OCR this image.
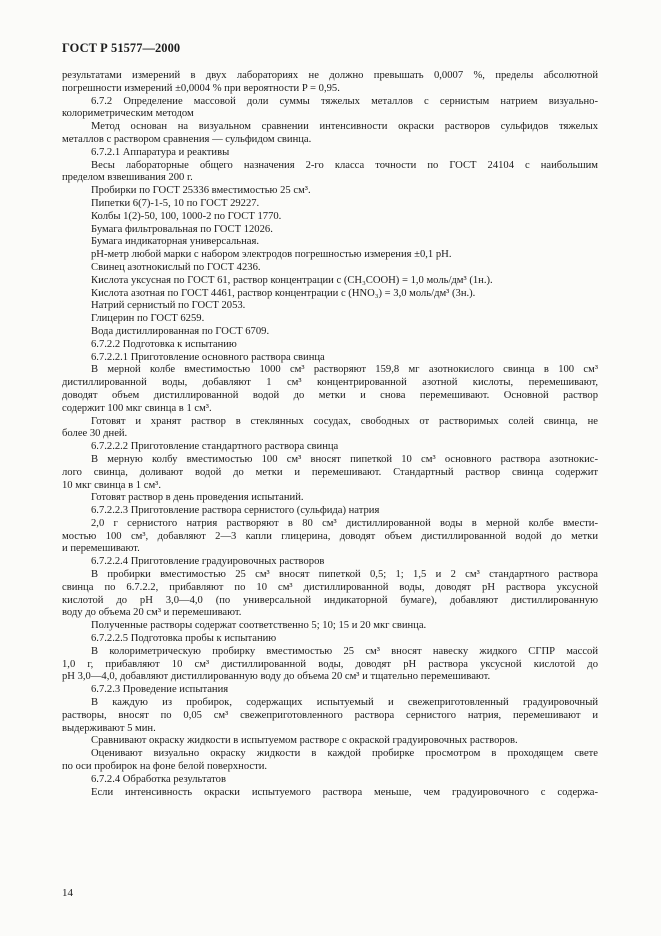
ГОСТ Р 51577—2000
результатами измерений в двух лабораториях не должно превышать 0,0007 %, пределы абсолютной
погрешности измерений ±0,0004 % при вероятности P = 0,95.
6.7.2 Определение массовой доли суммы тяжелых металлов с сернистым натрием визуально-
колориметрическим методом
Метод основан на визуальном сравнении интенсивности окраски растворов сульфидов тяжелых
металлов с раствором сравнения — сульфидом свинца.
6.7.2.1 Аппаратура и реактивы
Весы лабораторные общего назначения 2-го класса точности по ГОСТ 24104 с наибольшим
пределом взвешивания 200 г.
Пробирки по ГОСТ 25336 вместимостью 25 см³.
Пипетки 6(7)-1-5, 10 по ГОСТ 29227.
Колбы 1(2)-50, 100, 1000-2 по ГОСТ 1770.
Бумага фильтровальная по ГОСТ 12026.
Бумага индикаторная универсальная.
pH-метр любой марки с набором электродов погрешностью измерения ±0,1 pH.
Свинец азотнокислый по ГОСТ 4236.
Кислота уксусная по ГОСТ 61, раствор концентрации c (CH₃COOH) = 1,0 моль/дм³ (1н.).
Кислота азотная по ГОСТ 4461, раствор концентрации c (HNO₃) = 3,0 моль/дм³ (3н.).
Натрий сернистый по ГОСТ 2053.
Глицерин по ГОСТ 6259.
Вода дистиллированная по ГОСТ 6709.
6.7.2.2 Подготовка к испытанию
6.7.2.2.1 Приготовление основного раствора свинца
В мерной колбе вместимостью 1000 см³ растворяют 159,8 мг азотнокислого свинца в 100 см³
дистиллированной воды, добавляют 1 см³ концентрированной азотной кислоты, перемешивают,
доводят объем дистиллированной водой до метки и снова перемешивают. Основной раствор
содержит 100 мкг свинца в 1 см³.
Готовят и хранят раствор в стеклянных сосудах, свободных от растворимых солей свинца, не
более 30 дней.
6.7.2.2.2 Приготовление стандартного раствора свинца
В мерную колбу вместимостью 100 см³ вносят пипеткой 10 см³ основного раствора азотнокис-
лого свинца, доливают водой до метки и перемешивают. Стандартный раствор свинца содержит
10 мкг свинца в 1 см³.
Готовят раствор в день проведения испытаний.
6.7.2.2.3 Приготовление раствора сернистого (сульфида) натрия
2,0 г сернистого натрия растворяют в 80 см³ дистиллированной воды в мерной колбе вмести-
мостью 100 см³, добавляют 2—3 капли глицерина, доводят объем дистиллированной водой до метки
и перемешивают.
6.7.2.2.4 Приготовление градуировочных растворов
В пробирки вместимостью 25 см³ вносят пипеткой 0,5; 1; 1,5 и 2 см³ стандартного раствора
свинца по 6.7.2.2, прибавляют по 10 см³ дистиллированной воды, доводят pH раствора уксусной
кислотой до pH 3,0—4,0 (по универсальной индикаторной бумаге), добавляют дистиллированную
воду до объема 20 см³ и перемешивают.
Полученные растворы содержат соответственно 5; 10; 15 и 20 мкг свинца.
6.7.2.2.5 Подготовка пробы к испытанию
В колориметрическую пробирку вместимостью 25 см³ вносят навеску жидкого СГПР массой
1,0 г, прибавляют 10 см³ дистиллированной воды, доводят pH раствора уксусной кислотой до
pH 3,0—4,0, добавляют дистиллированную воду до объема 20 см³ и тщательно перемешивают.
6.7.2.3 Проведение испытания
В каждую из пробирок, содержащих испытуемый и свежеприготовленный градуировочный
растворы, вносят по 0,05 см³ свежеприготовленного раствора сернистого натрия, перемешивают и
выдерживают 5 мин.
Сравнивают окраску жидкости в испытуемом растворе с окраской градуировочных растворов.
Оценивают визуально окраску жидкости в каждой пробирке просмотром в проходящем свете
по оси пробирок на фоне белой поверхности.
6.7.2.4 Обработка результатов
Если интенсивность окраски испытуемого раствора меньше, чем градуировочного с содержа-
14
